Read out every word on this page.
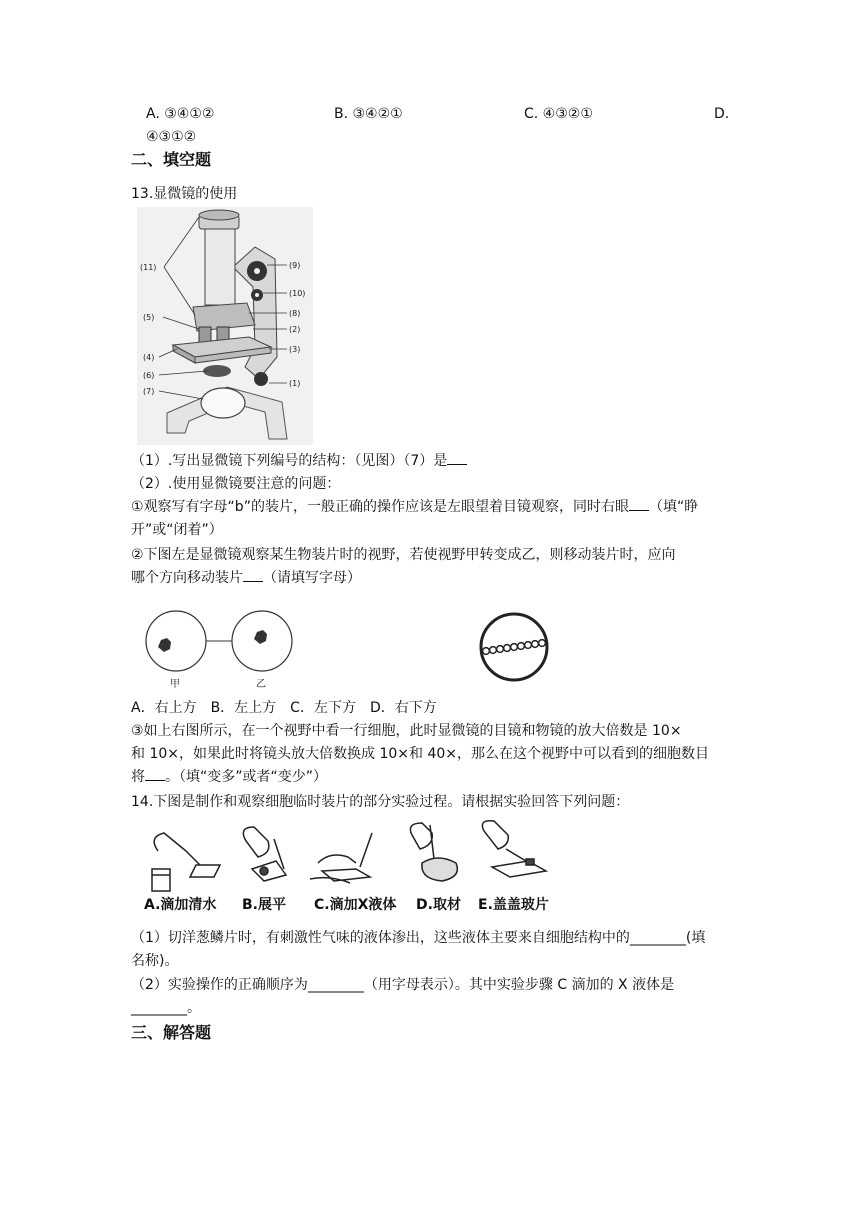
A. ③④①②	B. ③④②①	C. ④③②①	D.
④③①②
二、填空题
13.显微镜的使用
(11)
(5)
(4)
(6)
(7)
(9)
(10)
(8)
(2)
(3)
(1)
（1）.写出显微镜下列编号的结构：（见图）（7）是
（2）.使用显微镜要注意的问题：
①观察写有字母“b”的装片，一般正确的操作应该是左眼望着目镜观察，同时右眼 （填“睁
开”或“闭着”）
②下图左是显微镜观察某生物装片时的视野，若使视野甲转变成乙，则移动装片时，应向
哪个方向移动装片 （请填写字母）
甲	乙
A．右上方　B．左上方　C．左下方　D．右下方
③如上右图所示，在一个视野中看一行细胞，此时显微镜的目镜和物镜的放大倍数是 10×
和 10×，如果此时将镜头放大倍数换成 10×和 40×，那么在这个视野中可以看到的细胞数目
将 。（填“变多”或者“变少”）
14.下图是制作和观察细胞临时装片的部分实验过程。请根据实验回答下列问题：
A.滴加清水 B.展平 C.滴加X液体 D.取材 E.盖盖玻片
（1）切洋葱鳞片时，有刺激性气味的液体渗出，这些液体主要来自细胞结构中的________(填
名称)。
（2）实验操作的正确顺序为________（用字母表示）。其中实验步骤 C 滴加的 X 液体是
________。
三、解答题
